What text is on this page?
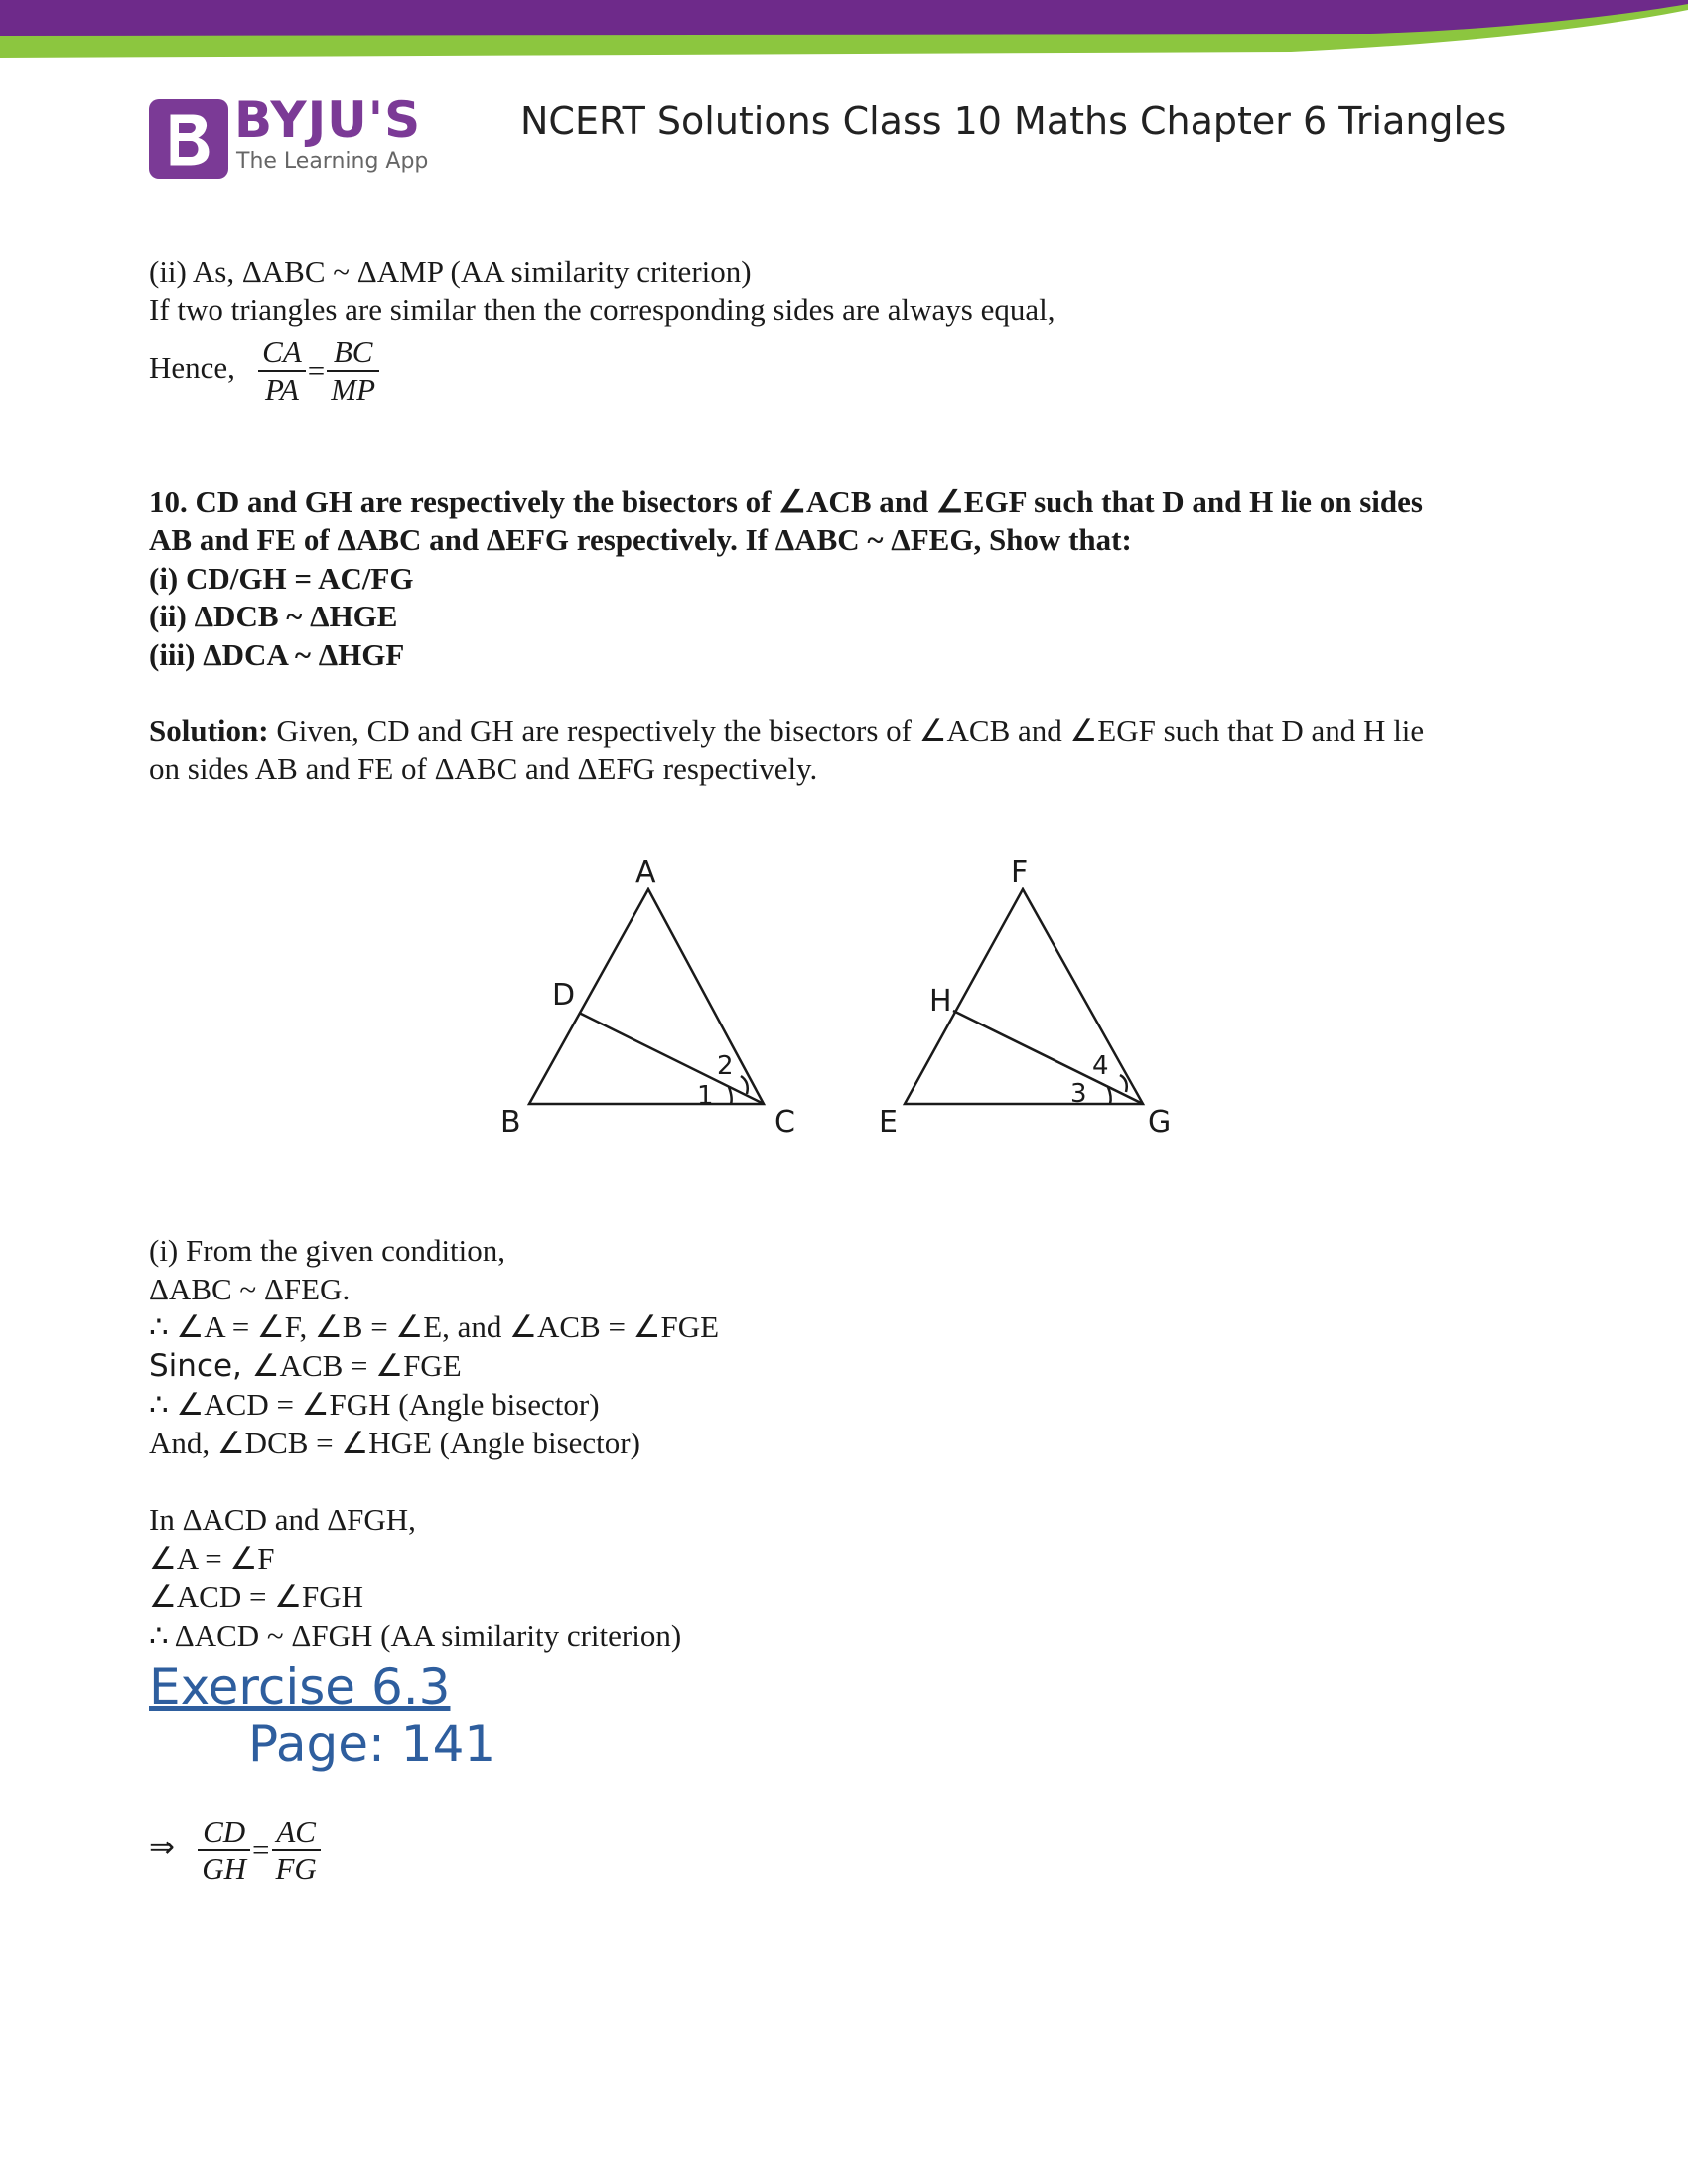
BYJU'S
The Learning App
NCERT Solutions Class 10 Maths Chapter 6 Triangles
(ii) As, ΔABC ~ ΔAMP (AA similarity criterion)
If two triangles are similar then the corresponding sides are always equal,
Hence, $\frac{CA}{PA} = \frac{BC}{MP}$
10. CD and GH are respectively the bisectors of ∠ACB and ∠EGF such that D and H lie on sides
AB and FE of ΔABC and ΔEFG respectively. If ΔABC ~ ΔFEG, Show that:
(i) CD/GH = AC/FG
(ii) ΔDCB ~ ΔHGE
(iii) ΔDCA ~ ΔHGF
Solution: Given, CD and GH are respectively the bisectors of ∠ACB and ∠EGF such that D and H lie
on sides AB and FE of ΔABC and ΔEFG respectively.
A
B	C
D
1
2
F
E	G
H
3
4
(i) From the given condition,
ΔABC ~ ΔFEG.
∴ ∠A = ∠F, ∠B = ∠E, and ∠ACB = ∠FGE
Since, ∠ACB = ∠FGE
∴ ∠ACD = ∠FGH (Angle bisector)
And, ∠DCB = ∠HGE (Angle bisector)
In ΔACD and ΔFGH,
∠A = ∠F
∠ACD = ∠FGH
∴ ΔACD ~ ΔFGH (AA similarity criterion)
Exercise 6.3
Page: 141
⇒ $\frac{CD}{GH} = \frac{AC}{FG}$
